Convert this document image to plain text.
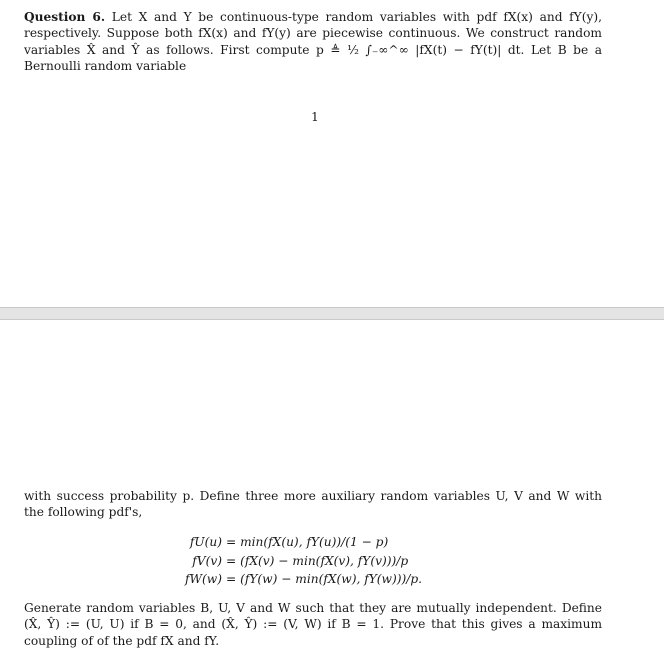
Question 6. Let X and Y be continuous-type random variables with pdf fX(x) and fY(y), respectively. Suppose both fX(x) and fY(y) are piecewise continuous. We construct random variables X̂ and Ŷ as follows. First compute p ≜ ½ ∫₋∞^∞ |fX(t) − fY(t)| dt. Let B be a Bernoulli random variable
1
with success probability p. Define three more auxiliary random variables U, V and W with the following pdf's,
fU(u) = min(fX(u), fY(u))/(1 − p)
fV(v) = (fX(v) − min(fX(v), fY(v)))/p
fW(w) = (fY(w) − min(fX(w), fY(w)))/p.
Generate random variables B, U, V and W such that they are mutually independent. Define (X̂, Ŷ) := (U, U) if B = 0, and (X̂, Ŷ) := (V, W) if B = 1. Prove that this gives a maximum coupling of of the pdf fX and fY.
